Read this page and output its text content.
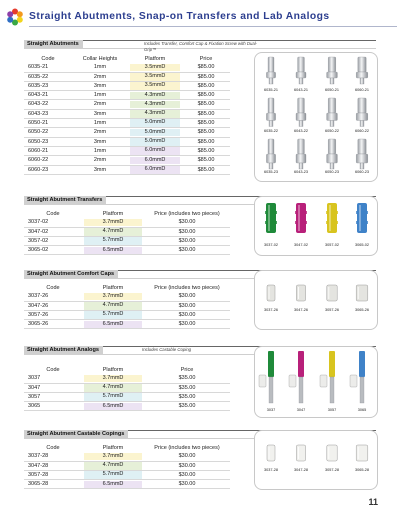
Straight Abutments, Snap-on Transfers and Lab Analogs
Straight Abutments	Includes Transfer, Comfort Cap & Fixation Screw with Dual-Grip™
Code	Collar Heights	Platform	Price
6035-21	1mm	3.5mmD	$85.00
6035-22	2mm	3.5mmD	$85.00
6035-23	3mm	3.5mmD	$85.00
6043-21	1mm	4.3mmD	$85.00
6043-22	2mm	4.3mmD	$85.00
6043-23	3mm	4.3mmD	$85.00
6050-21	1mm	5.0mmD	$85.00
6050-22	2mm	5.0mmD	$85.00
6050-23	3mm	5.0mmD	$85.00
6060-21	1mm	6.0mmD	$85.00
6060-22	2mm	6.0mmD	$85.00
6060-23	3mm	6.0mmD	$85.00
6035-21	6043-21	6050-21	6060-21
6035-22	6043-22	6050-22	6060-22
6035-23	6043-23	6050-23	6060-23
Straight Abutment Transfers
Code	Platform	Price (includes two pieces)
3037-02	3.7mmD	$30.00
3047-02	4.7mmD	$30.00
3057-02	5.7mmD	$30.00
3065-02	6.5mmD	$30.00
3037-02	3047-02	3057-02	3065-02
Straight Abutment Comfort Caps
Code	Platform	Price (includes two pieces)
3037-26	3.7mmD	$30.00
3047-26	4.7mmD	$30.00
3057-26	5.7mmD	$30.00
3065-26	6.5mmD	$30.00
3037-26	3047-26	3057-26	3065-26
Straight Abutment Analogs	Includes Castable Coping
Code	Platform	Price
3037	3.7mmD	$35.00
3047	4.7mmD	$35.00
3057	5.7mmD	$35.00
3065	6.5mmD	$35.00
3037	3047	3057	3065
Straight Abutment Castable Copings
Code	Platform	Price (includes two pieces)
3037-28	3.7mmD	$30.00
3047-28	4.7mmD	$30.00
3057-28	5.7mmD	$30.00
3065-28	6.5mmD	$30.00
3037-28	3047-28	3057-28	3065-28
11
